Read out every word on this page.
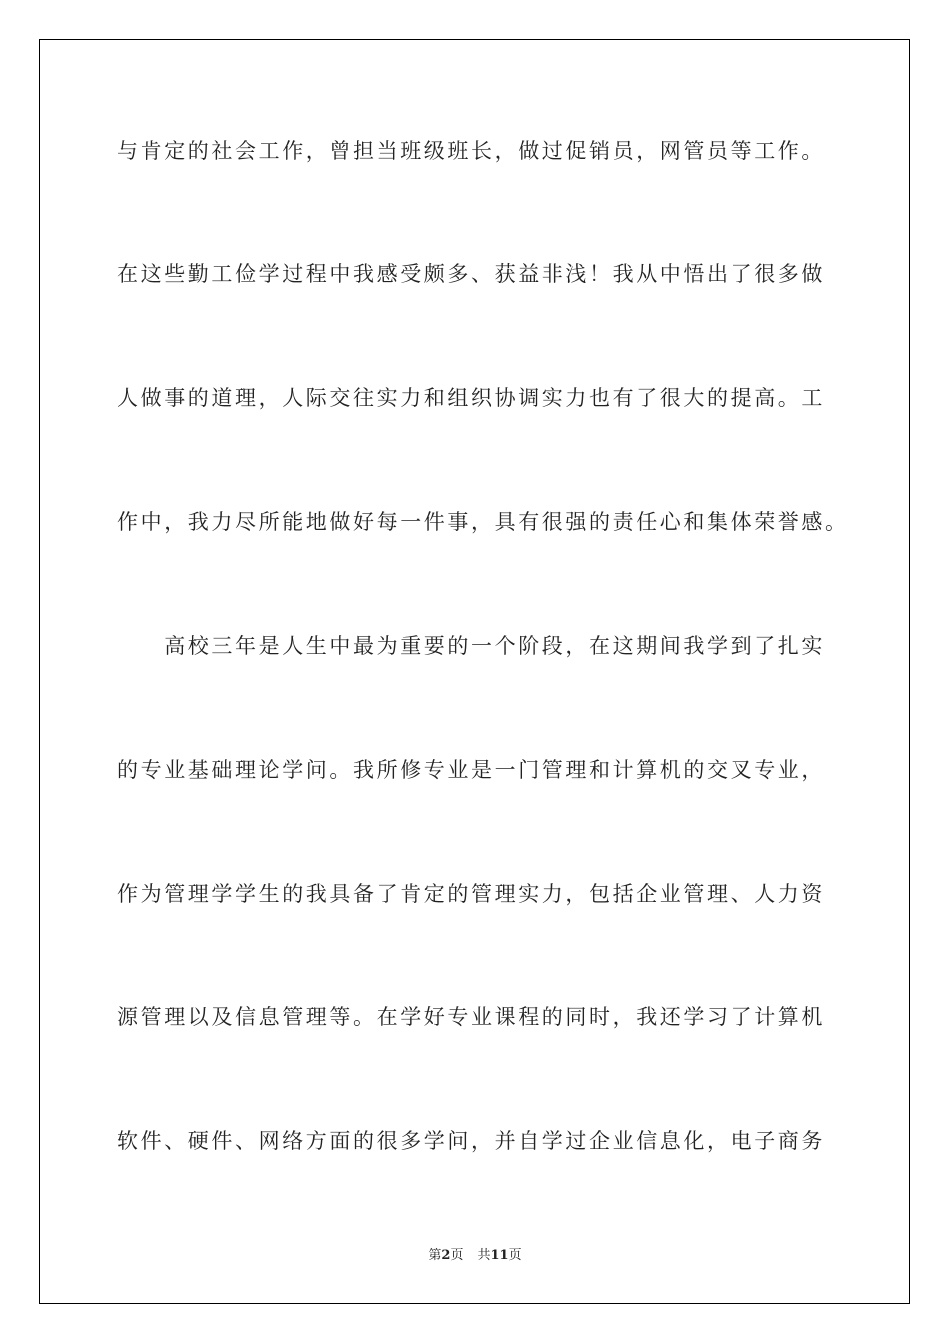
与肯定的社会工作，曾担当班级班长，做过促销员，网管员等工作。
在这些勤工俭学过程中我感受颇多、获益非浅！我从中悟出了很多做
人做事的道理，人际交往实力和组织协调实力也有了很大的提高。工
作中，我力尽所能地做好每一件事，具有很强的责任心和集体荣誉感。
　　高校三年是人生中最为重要的一个阶段，在这期间我学到了扎实
的专业基础理论学问。我所修专业是一门管理和计算机的交叉专业，
作为管理学学生的我具备了肯定的管理实力，包括企业管理、人力资
源管理以及信息管理等。在学好专业课程的同时，我还学习了计算机
软件、硬件、网络方面的很多学问，并自学过企业信息化，电子商务
第2页 共11页
